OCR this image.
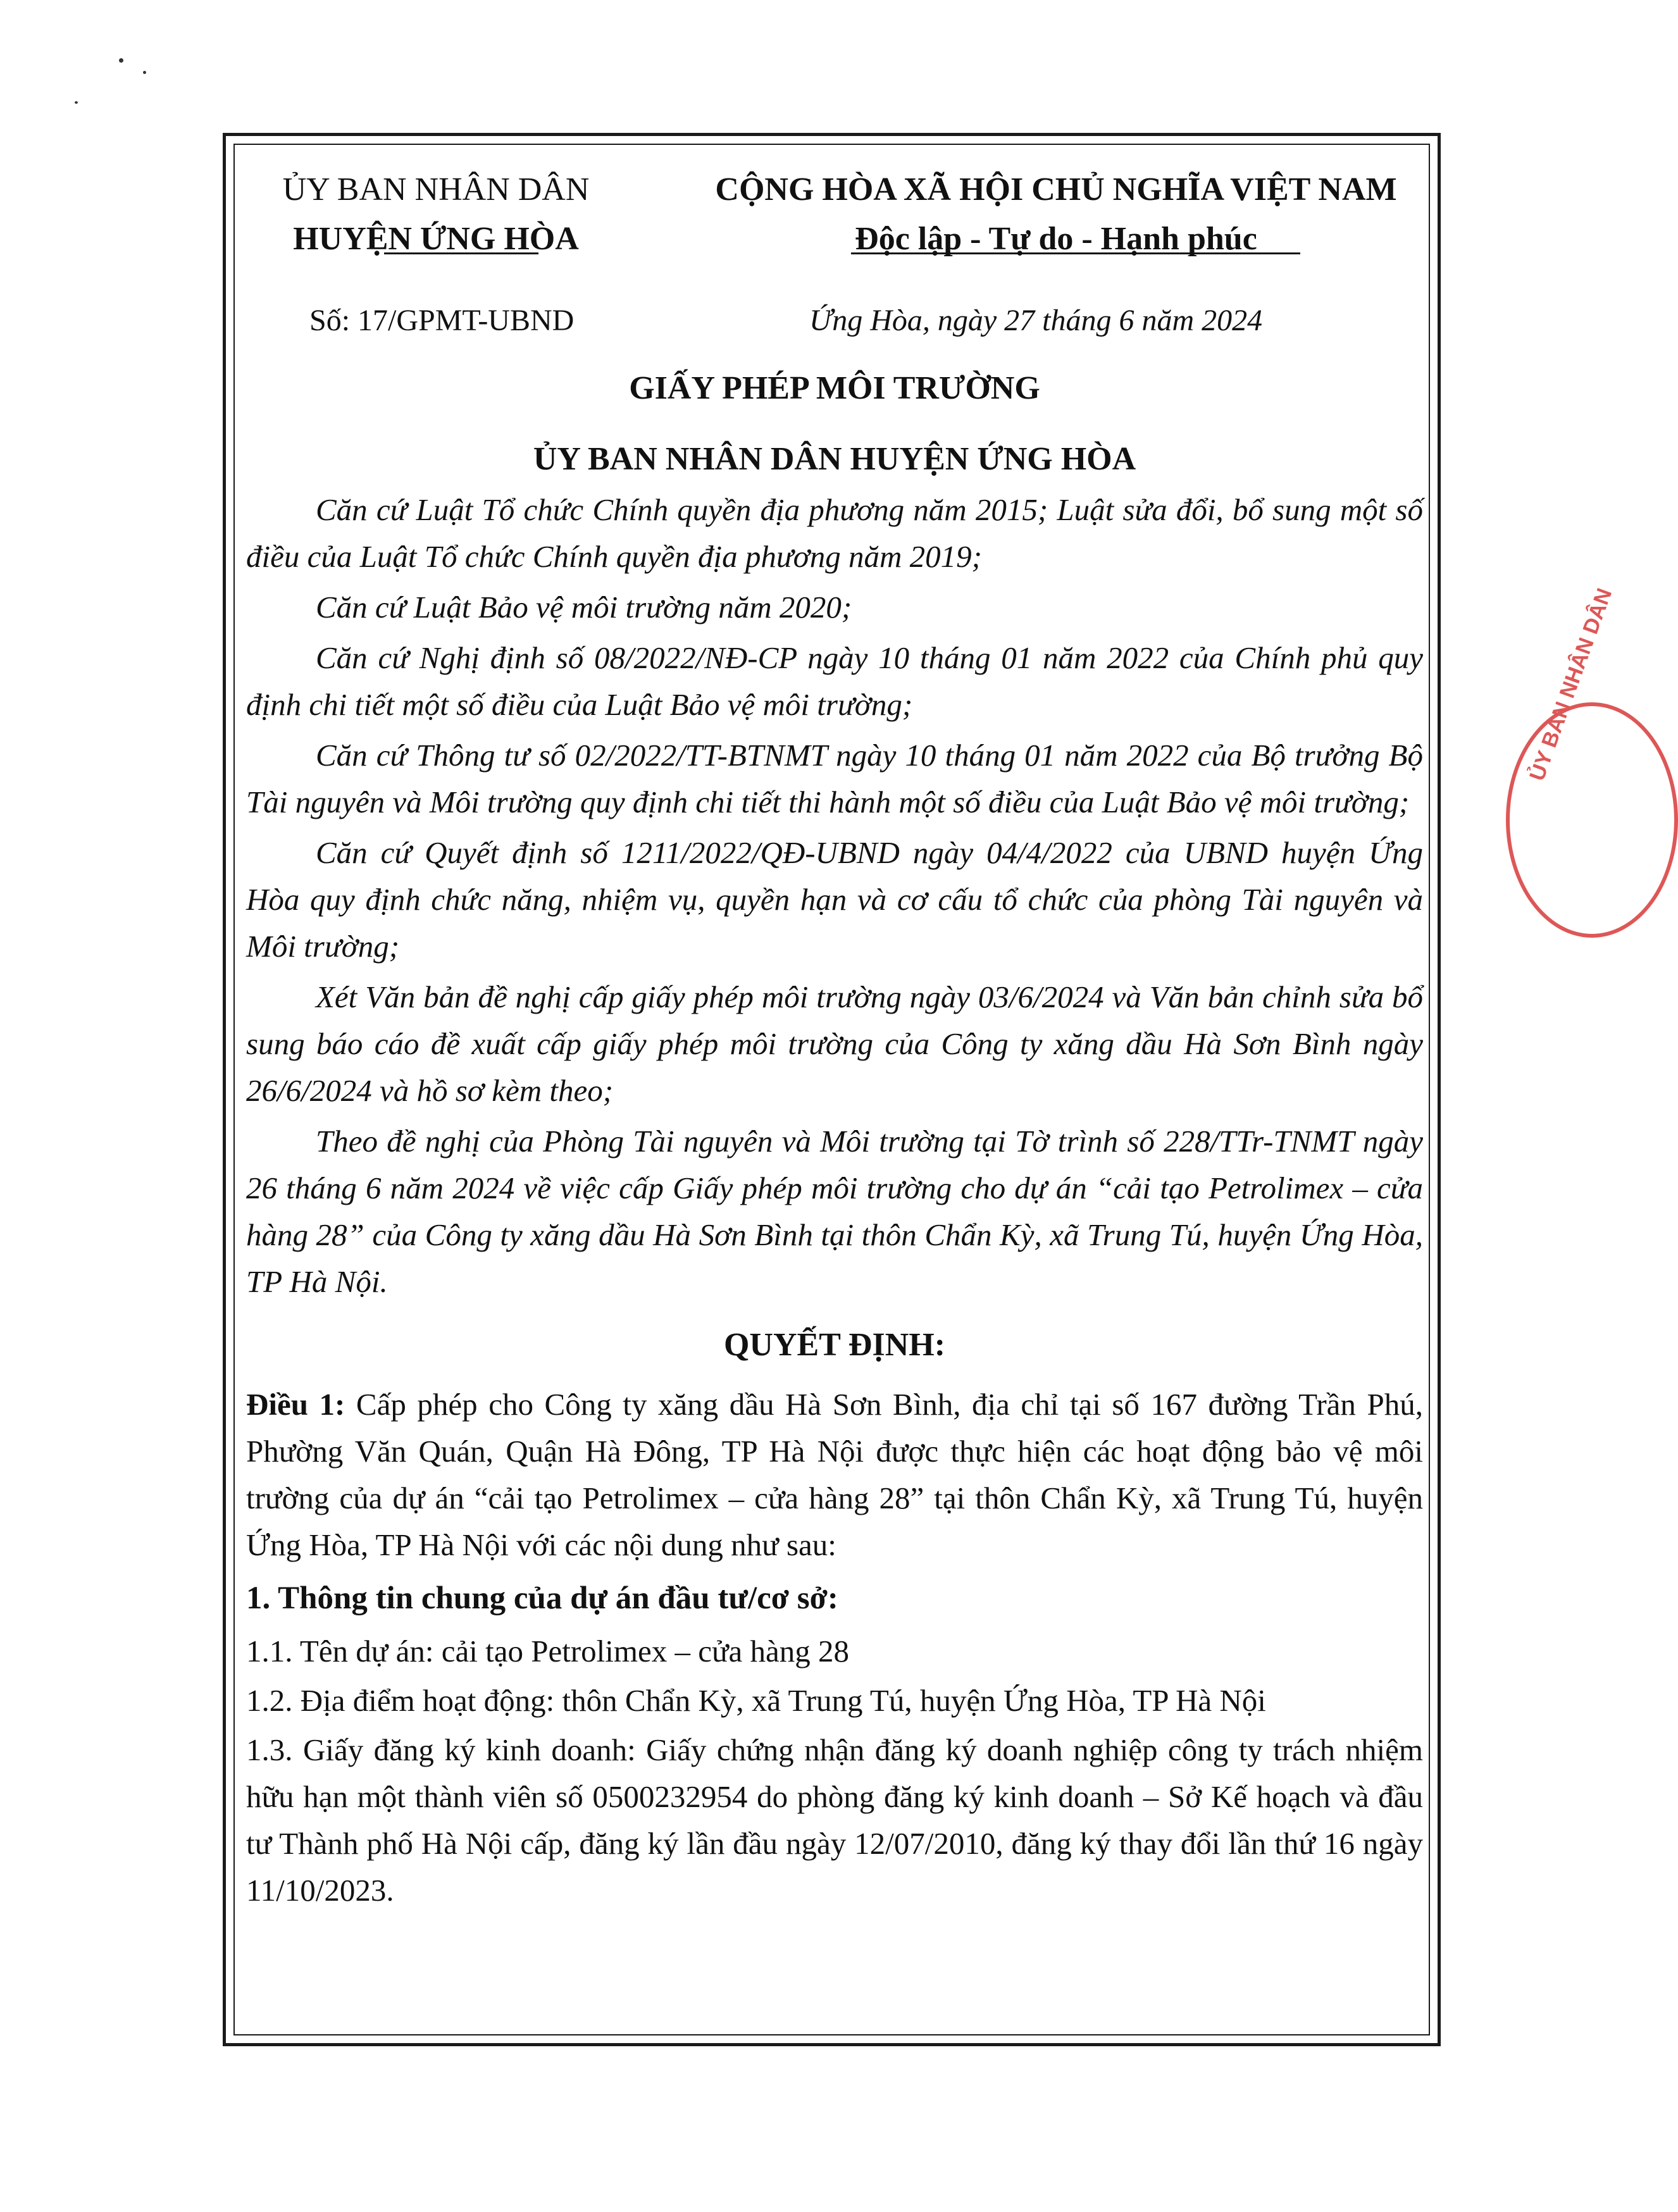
ỦY BAN NHÂN DÂN
HUYỆN ỨNG HÒA
CỘNG HÒA XÃ HỘI CHỦ NGHĨA VIỆT NAM
Độc lập - Tự do - Hạnh phúc
Số: 17/GPMT-UBND	Ứng Hòa, ngày 27 tháng 6 năm 2024
GIẤY PHÉP MÔI TRƯỜNG
ỦY BAN NHÂN DÂN HUYỆN ỨNG HÒA

Căn cứ Luật Tổ chức Chính quyền địa phương năm 2015; Luật sửa đổi, bổ sung một số điều của Luật Tổ chức Chính quyền địa phương năm 2019;

Căn cứ Luật Bảo vệ môi trường năm 2020;

Căn cứ Nghị định số 08/2022/NĐ-CP ngày 10 tháng 01 năm 2022 của Chính phủ quy định chi tiết một số điều của Luật Bảo vệ môi trường;

Căn cứ Thông tư số 02/2022/TT-BTNMT ngày 10 tháng 01 năm 2022 của Bộ trưởng Bộ Tài nguyên và Môi trường quy định chi tiết thi hành một số điều của Luật Bảo vệ môi trường;

Căn cứ Quyết định số 1211/2022/QĐ-UBND ngày 04/4/2022 của UBND huyện Ứng Hòa quy định chức năng, nhiệm vụ, quyền hạn và cơ cấu tổ chức của phòng Tài nguyên và Môi trường;

Xét Văn bản đề nghị cấp giấy phép môi trường ngày 03/6/2024 và Văn bản chỉnh sửa bổ sung báo cáo đề xuất cấp giấy phép môi trường của Công ty xăng dầu Hà Sơn Bình ngày 26/6/2024 và hồ sơ kèm theo;

Theo đề nghị của Phòng Tài nguyên và Môi trường tại Tờ trình số 228/TTr-TNMT ngày 26 tháng 6 năm 2024 về việc cấp Giấy phép môi trường cho dự án “cải tạo Petrolimex – cửa hàng 28” của Công ty xăng dầu Hà Sơn Bình tại thôn Chẩn Kỳ, xã Trung Tú, huyện Ứng Hòa, TP Hà Nội.

QUYẾT ĐỊNH:

Điều 1: Cấp phép cho Công ty xăng dầu Hà Sơn Bình, địa chỉ tại số 167 đường Trần Phú, Phường Văn Quán, Quận Hà Đông, TP Hà Nội được thực hiện các hoạt động bảo vệ môi trường của dự án “cải tạo Petrolimex – cửa hàng 28” tại thôn Chẩn Kỳ, xã Trung Tú, huyện Ứng Hòa, TP Hà Nội với các nội dung như sau:

1. Thông tin chung của dự án đầu tư/cơ sở:

1.1. Tên dự án: cải tạo Petrolimex – cửa hàng 28

1.2. Địa điểm hoạt động: thôn Chẩn Kỳ, xã Trung Tú, huyện Ứng Hòa, TP Hà Nội

1.3. Giấy đăng ký kinh doanh: Giấy chứng nhận đăng ký doanh nghiệp công ty trách nhiệm hữu hạn một thành viên số 0500232954 do phòng đăng ký kinh doanh – Sở Kế hoạch và đầu tư Thành phố Hà Nội cấp, đăng ký lần đầu ngày 12/07/2010, đăng ký thay đổi lần thứ 16 ngày 11/10/2023.

ỦY BAN NHÂN DÂN
